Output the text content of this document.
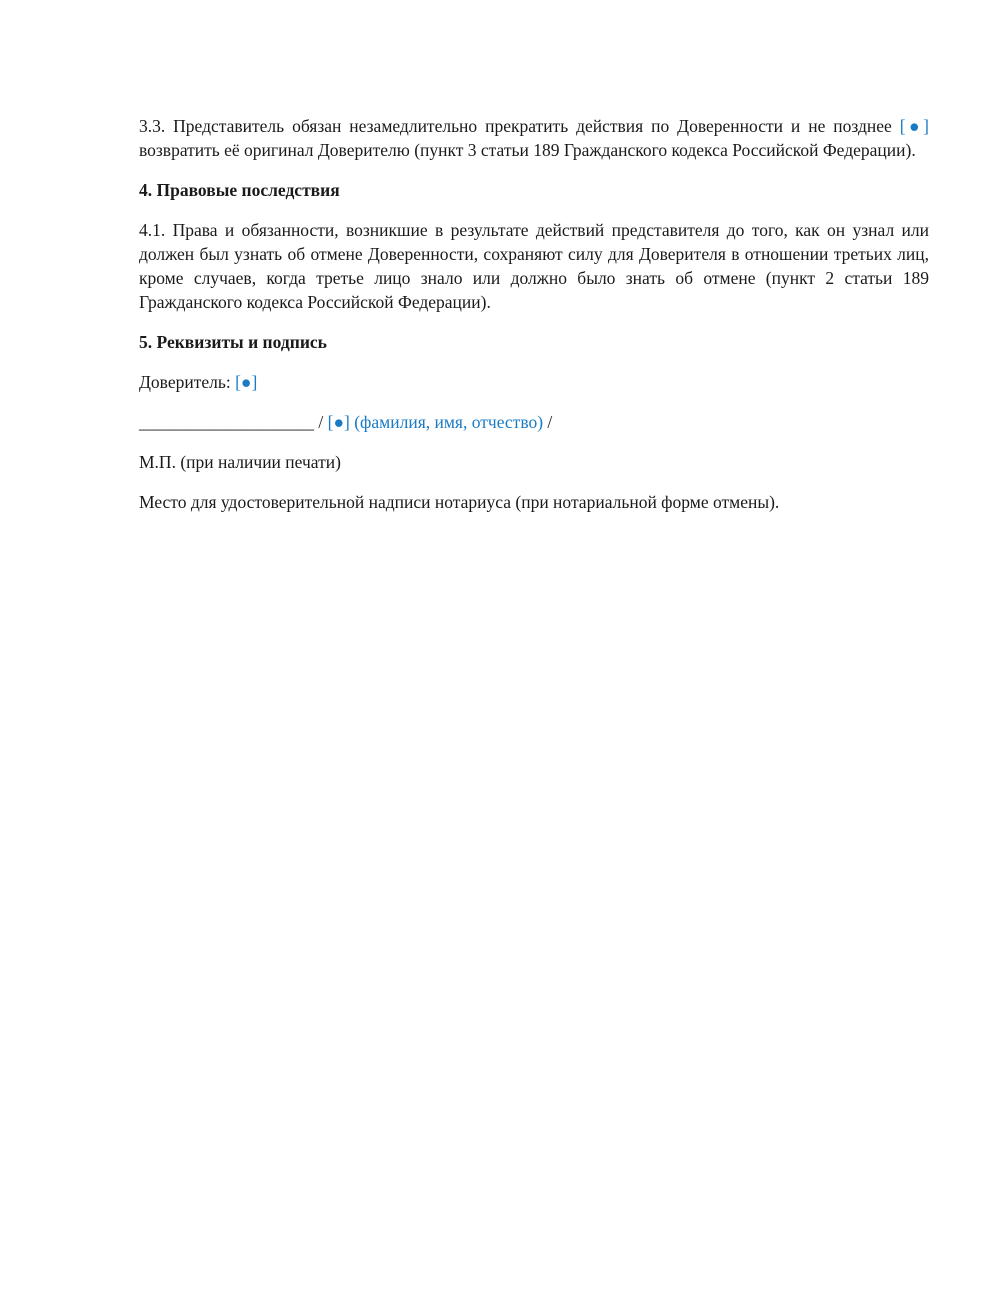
3.3. Представитель обязан незамедлительно прекратить действия по Доверенности и не позднее [●] возвратить её оригинал Доверителю (пункт 3 статьи 189 Гражданского кодекса Российской Федерации).

4. Правовые последствия

4.1. Права и обязанности, возникшие в результате действий представителя до того, как он узнал или должен был узнать об отмене Доверенности, сохраняют силу для Доверителя в отношении третьих лиц, кроме случаев, когда третье лицо знало или должно было знать об отмене (пункт 2 статьи 189 Гражданского кодекса Российской Федерации).

5. Реквизиты и подпись

Доверитель: [●]

____________________ / [●] (фамилия, имя, отчество) /

М.П. (при наличии печати)

Место для удостоверительной надписи нотариуса (при нотариальной форме отмены).
